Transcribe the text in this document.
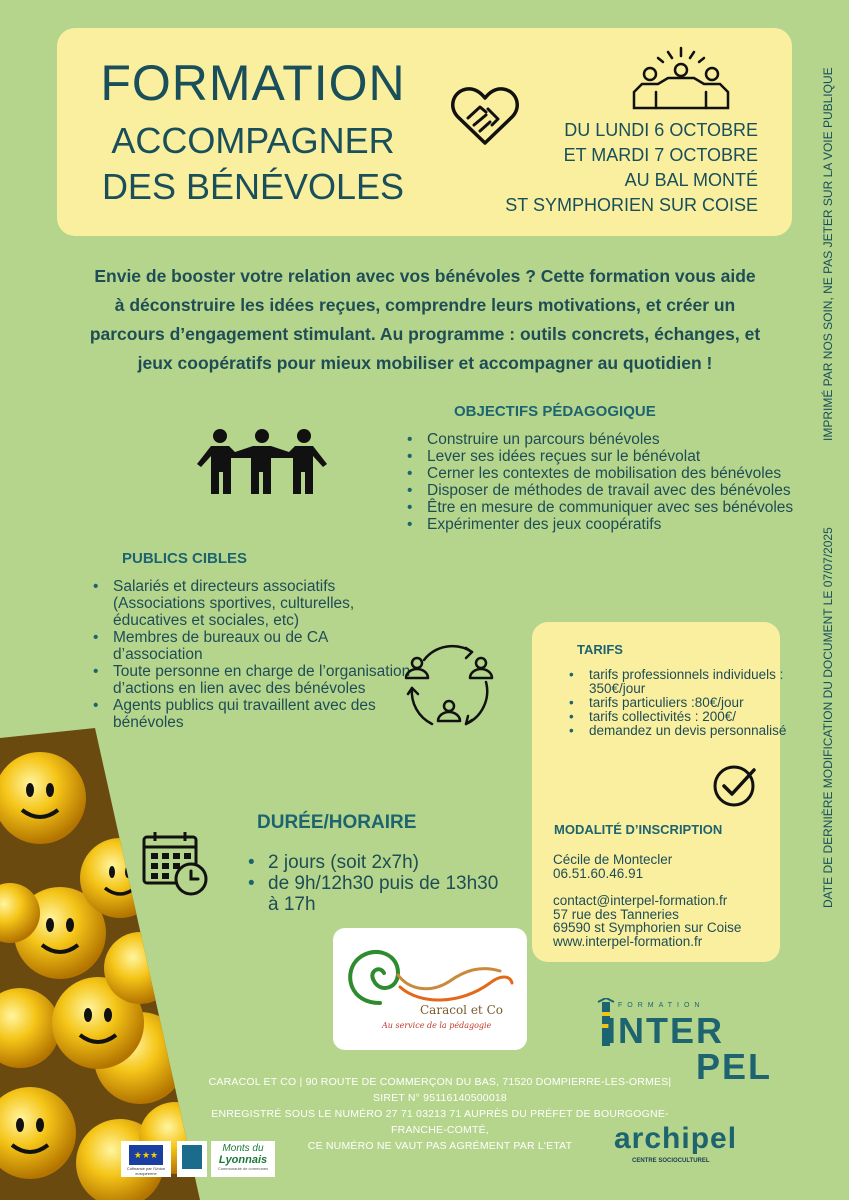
FORMATION
ACCOMPAGNER
DES BÉNÉVOLES
DU LUNDI 6 OCTOBRE
ET MARDI 7 OCTOBRE
AU BAL MONTÉ
ST SYMPHORIEN SUR COISE
Envie de booster votre relation avec vos bénévoles ? Cette formation vous aide
à déconstruire les idées reçues, comprendre leurs motivations, et créer un
parcours d’engagement stimulant. Au programme : outils concrets, échanges, et
jeux coopératifs pour mieux mobiliser et accompagner au quotidien !
OBJECTIFS PÉDAGOGIQUE
• Construire un parcours bénévoles
• Lever ses idées reçues sur le bénévolat
• Cerner les contextes de mobilisation des bénévoles
• Disposer de méthodes de travail avec des bénévoles
• Être en mesure de communiquer avec ses bénévoles
• Expérimenter des jeux coopératifs
PUBLICS CIBLES
• Salariés et directeurs associatifs (Associations sportives, culturelles, éducatives et sociales, etc)
• Membres de bureaux ou de CA d’association
• Toute personne en charge de l’organisation d’actions en lien avec des bénévoles
• Agents publics qui travaillent avec des bénévoles
TARIFS
• tarifs professionnels individuels : 350€/jour
• tarifs particuliers :80€/jour
• tarifs collectivités : 200€/
• demandez un devis personnalisé
MODALITÉ D’INSCRIPTION
Cécile de Montecler
06.51.60.46.91
contact@interpel-formation.fr
57 rue des Tanneries
69590 st Symphorien sur Coise
www.interpel-formation.fr
DURÉE/HORAIRE
• 2 jours (soit 2x7h)
• de 9h/12h30 puis de 13h30 à 17h
Caracol et Co
Au service de la pédagogie	INTER
FORMATION
PEL
archipel
CENTRE SOCIOCULTUREL
CARACOL ET CO | 90 ROUTE DE COMMERÇON DU BAS, 71520 DOMPIERRE-LES-ORMES|
SIRET N° 95116140500018
ENREGISTRÉ SOUS LE NUMÉRO 27 71 03213 71 AUPRÈS DU PRÉFET DE BOURGOGNE-
FRANCHE-COMTÉ,
CE NUMÉRO NE VAUT PAS AGRÉMENT PAR L'ETAT
★★★
Cofinancé par l’Union européenne
Monts du
Lyonnais
Communauté de communes
IMPRIMÉ PAR NOS SOIN, NE PAS JETER SUR LA VOIE PUBLIQUE
DATE DE DERNIÈRE MODIFICATION DU DOCUMENT LE 07/07/2025
